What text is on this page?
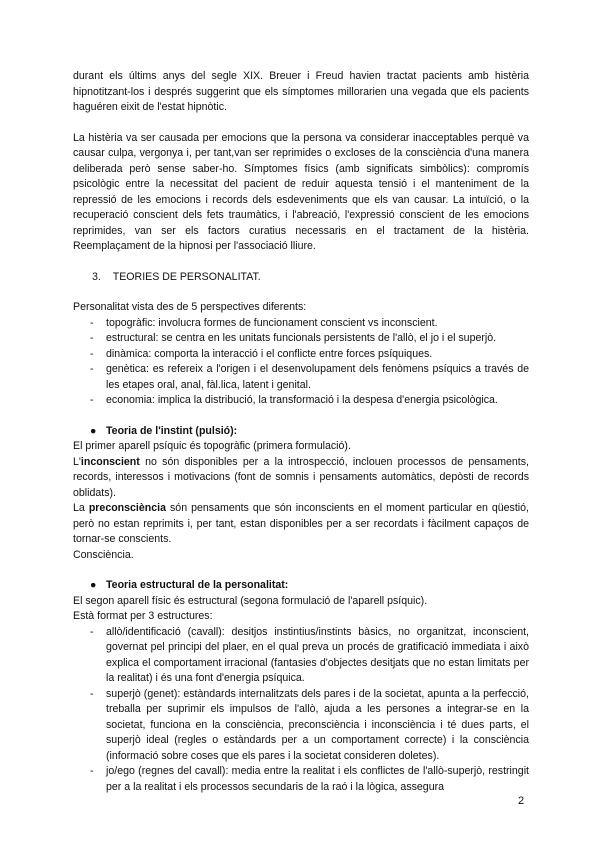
durant els últims anys del segle XIX. Breuer i Freud havien tractat pacients amb histèria hipnotitzant-los i després suggerint que els símptomes millorarien una vegada que els pacients haguéren eixit de l'estat hipnòtic.

La histèria va ser causada per emocions que la persona va considerar inacceptables perquè va causar culpa, vergonya i, per tant,van ser reprimides o excloses de la consciència d'una manera deliberada però sense saber-ho. Símptomes físics (amb significats simbòlics): compromís psicològic entre la necessitat del pacient de reduir aquesta tensió i el manteniment de la repressió de les emocions i records dels esdeveniments que els van causar. La intuïció, o la recuperació conscient dels fets traumàtics, i l'abreació, l'expressió conscient de les emocions reprimides, van ser els factors curatius necessaris en el tractament de la histèria. Reemplaçament de la hipnosi per l'associació lliure.

3. TEORIES DE PERSONALITAT.

Personalitat vista des de 5 perspectives diferents:

- topogràfic: involucra formes de funcionament conscient vs inconscient.
- estructural: se centra en les unitats funcionals persistents de l'allò, el jo i el superjò.
- dinàmica: comporta la interacció i el conflicte entre forces psíquiques.
- genètica: es refereix a l'origen i el desenvolupament dels fenòmens psíquics a través de les etapes oral, anal, fàl.lica, latent i genital.
- economia: implica la distribució, la transformació i la despesa d'energia psicològica.

● Teoria de l'instint (pulsió):

El primer aparell psíquic és topogràfic (primera formulació).

L'inconscient no són disponibles per a la introspecció, inclouen processos de pensaments, records, interessos i motivacions (font de somnis i pensaments automàtics, depòsti de records oblidats).

La preconsciència són pensaments que són inconscients en el moment particular en qüestió, però no estan reprimits i, per tant, estan disponibles per a ser recordats i fàcilment capaços de tornar-se conscients.

Consciència.

● Teoria estructural de la personalitat:

El segon aparell físic és estructural (segona formulació de l'aparell psíquic).

Està format per 3 estructures:

- allò/identificació (cavall): desitjos instintius/instints bàsics, no organitzat, inconscient, governat pel principi del plaer, en el qual preva un procés de gratificació immediata i això explica el comportament irracional (fantasies d'objectes desitjats que no estan limitats per la realitat) i és una font d'energia psíquica.
- superjò (genet): estàndards internalitzats dels pares i de la societat, apunta a la perfecció, treballa per suprimir els impulsos de l'allò, ajuda a les persones a integrar-se en la societat, funciona en la consciència, preconsciència i inconsciència i té dues parts, el superjò ideal (regles o estàndards per a un comportament correcte) i la consciència (informació sobre coses que els pares i la societat consideren doletes).
- jo/ego (regnes del cavall): media entre la realitat i els conflictes de l'allò-superjò, restringit per a la realitat i els processos secundaris de la raó i la lògica, assegura
2
